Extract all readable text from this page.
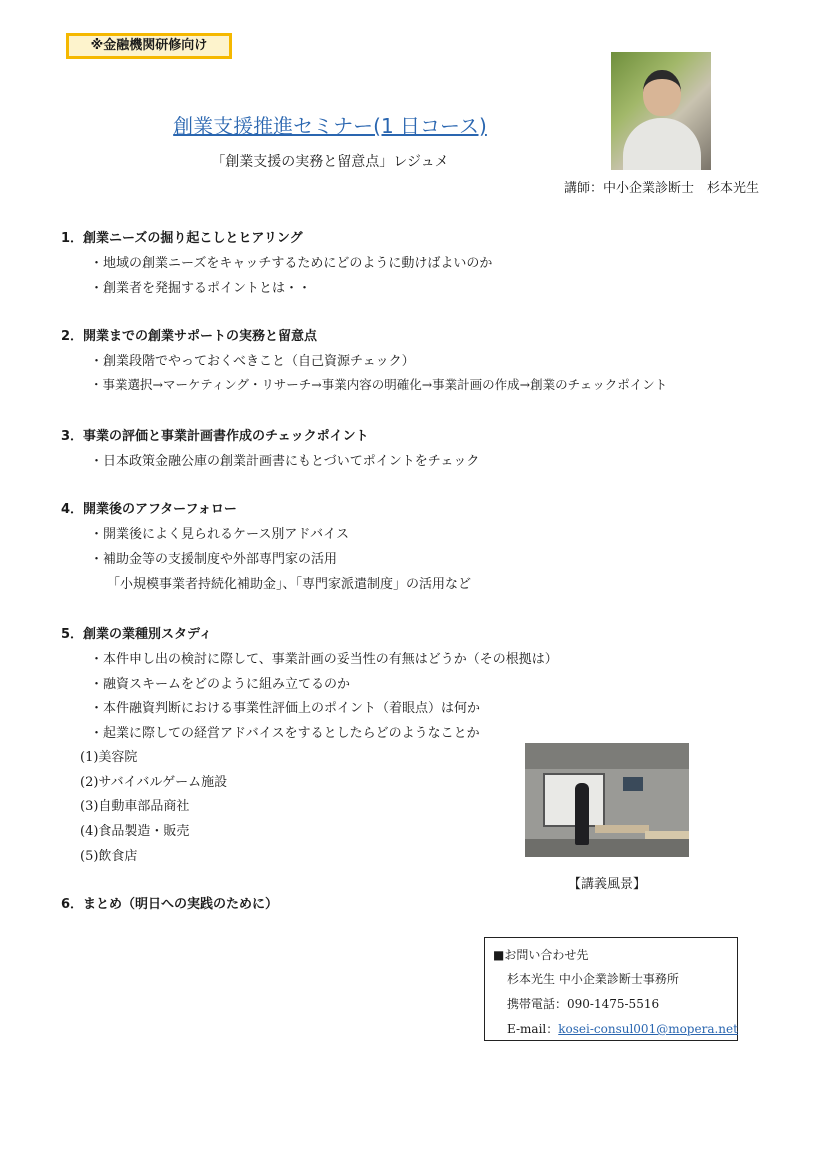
※金融機関研修向け
創業支援推進セミナー(1 日コース)
「創業支援の実務と留意点」レジュメ
講師：中小企業診断士　杉本光生
1．創業ニーズの掘り起こしとヒアリング
・地域の創業ニーズをキャッチするためにどのように動けばよいのか
・創業者を発掘するポイントとは・・
2．開業までの創業サポートの実務と留意点
・創業段階でやっておくべきこと（自己資源チェック）
・事業選択→マーケティング・リサーチ→事業内容の明確化→事業計画の作成→創業のチェックポイント
3．事業の評価と事業計画書作成のチェックポイント
・日本政策金融公庫の創業計画書にもとづいてポイントをチェック
4．開業後のアフターフォロー
・開業後によく見られるケース別アドバイス
・補助金等の支援制度や外部専門家の活用
「小規模事業者持続化補助金」、「専門家派遣制度」の活用など
5．創業の業種別スタディ
・本件申し出の検討に際して、事業計画の妥当性の有無はどうか（その根拠は）
・融資スキームをどのように組み立てるのか
・本件融資判断における事業性評価上のポイント（着眼点）は何か
・起業に際しての経営アドバイスをするとしたらどのようなことか
(1)美容院
(2)サバイバルゲーム施設
(3)自動車部品商社
(4)食品製造・販売
(5)飲食店
6．まとめ（明日への実践のために）
【講義風景】
■お問い合わせ先
杉本光生 中小企業診断士事務所
携帯電話：090-1475-5516
E-mail：kosei-consul001@mopera.net
